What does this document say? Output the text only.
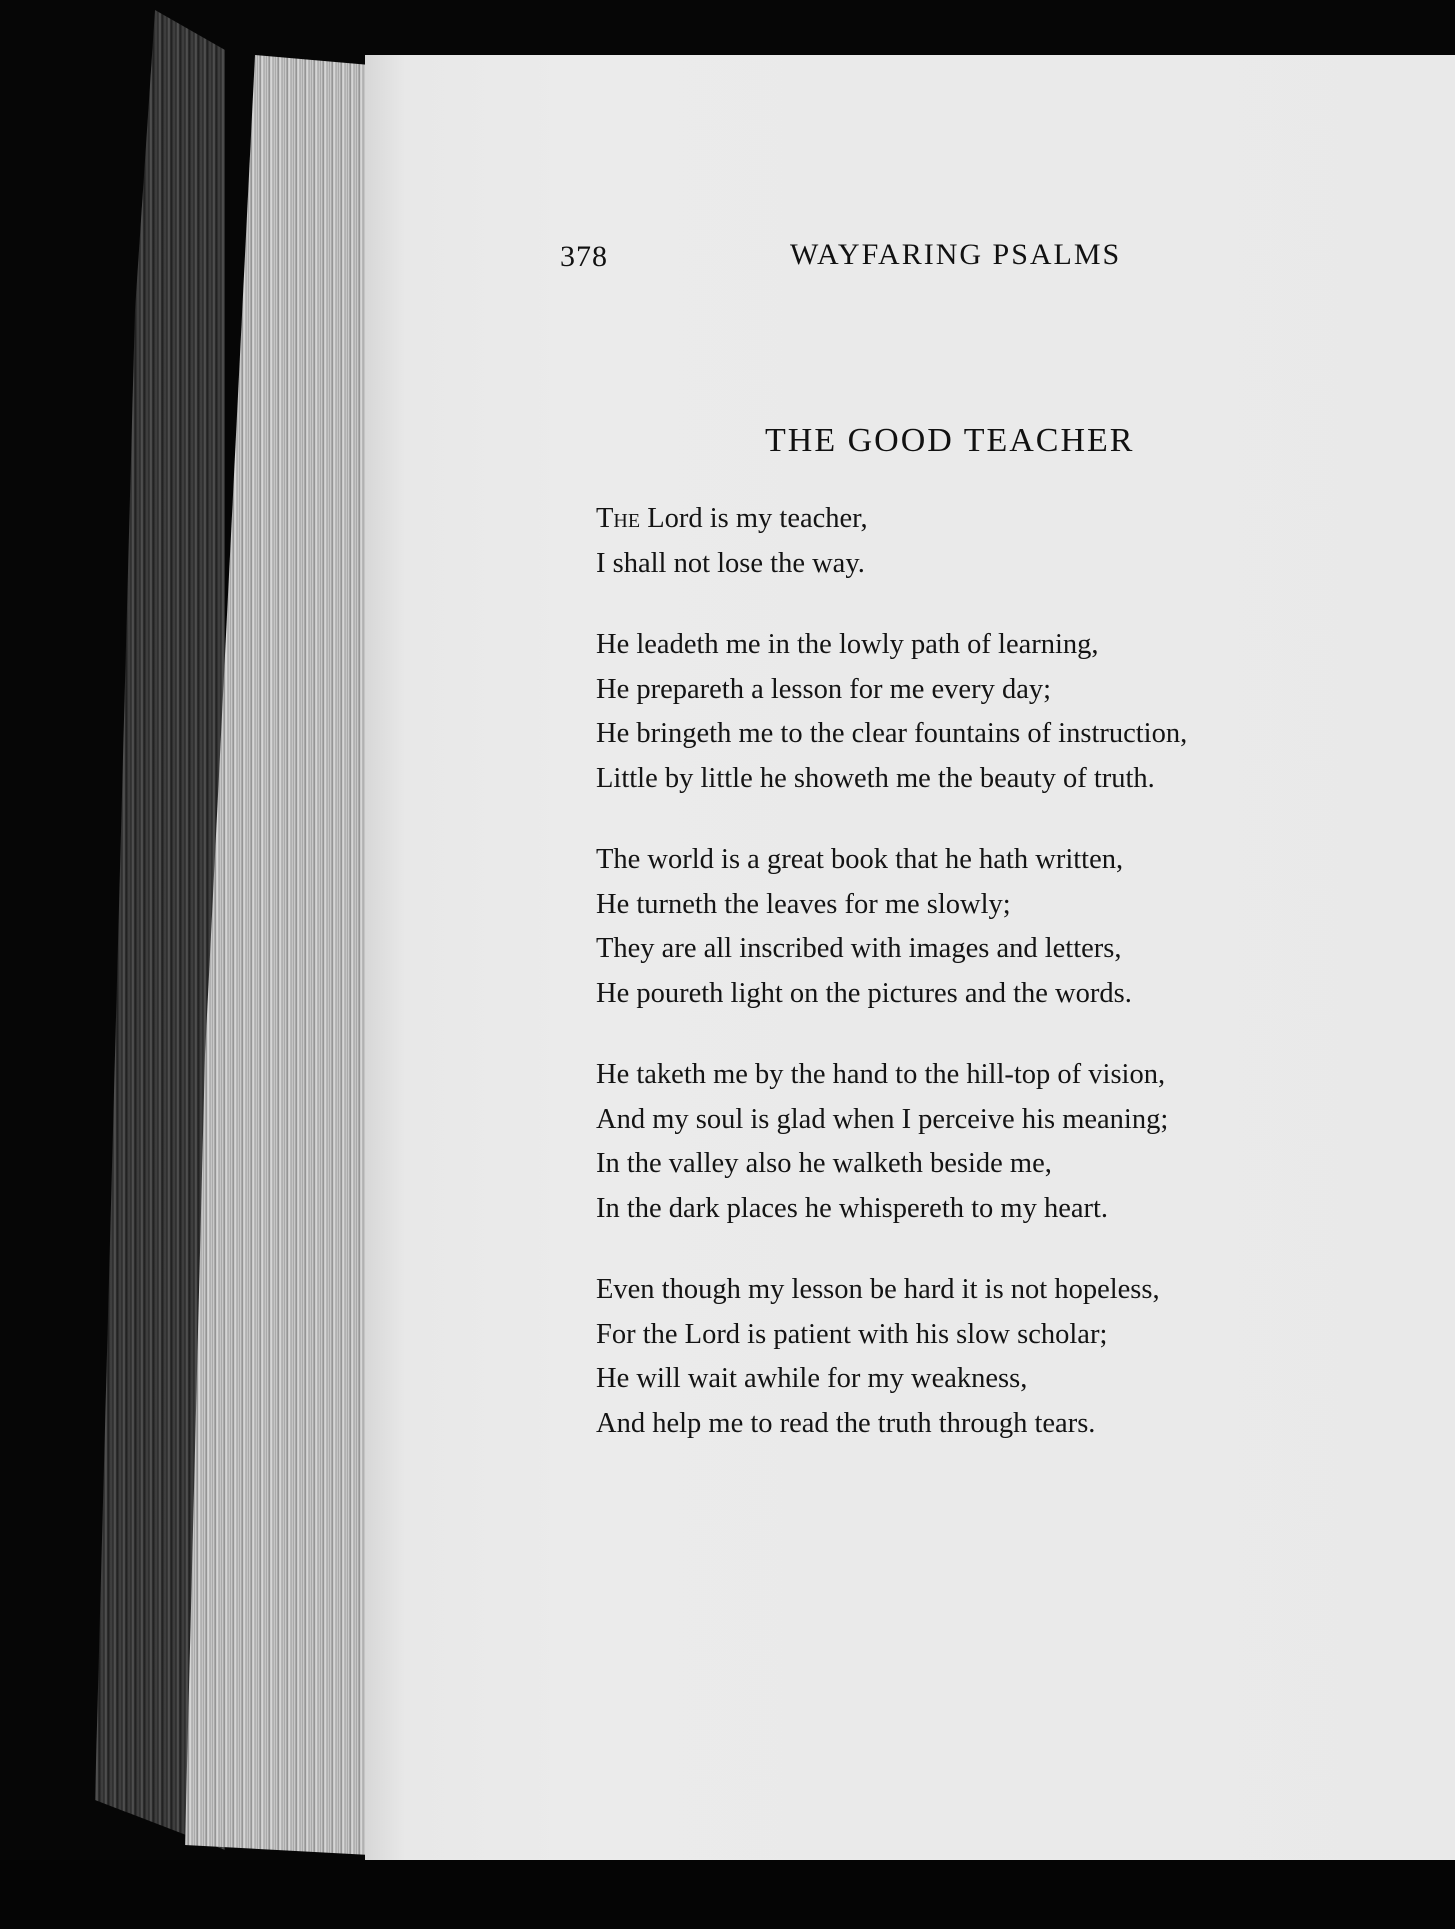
378	WAYFARING PSALMS
THE GOOD TEACHER
The Lord is my teacher,
I shall not lose the way.
He leadeth me in the lowly path of learning,
He prepareth a lesson for me every day;
He bringeth me to the clear fountains of instruction,
Little by little he showeth me the beauty of truth.
The world is a great book that he hath written,
He turneth the leaves for me slowly;
They are all inscribed with images and letters,
He poureth light on the pictures and the words.
He taketh me by the hand to the hill-top of vision,
And my soul is glad when I perceive his meaning;
In the valley also he walketh beside me,
In the dark places he whispereth to my heart.
Even though my lesson be hard it is not hopeless,
For the Lord is patient with his slow scholar;
He will wait awhile for my weakness,
And help me to read the truth through tears.
